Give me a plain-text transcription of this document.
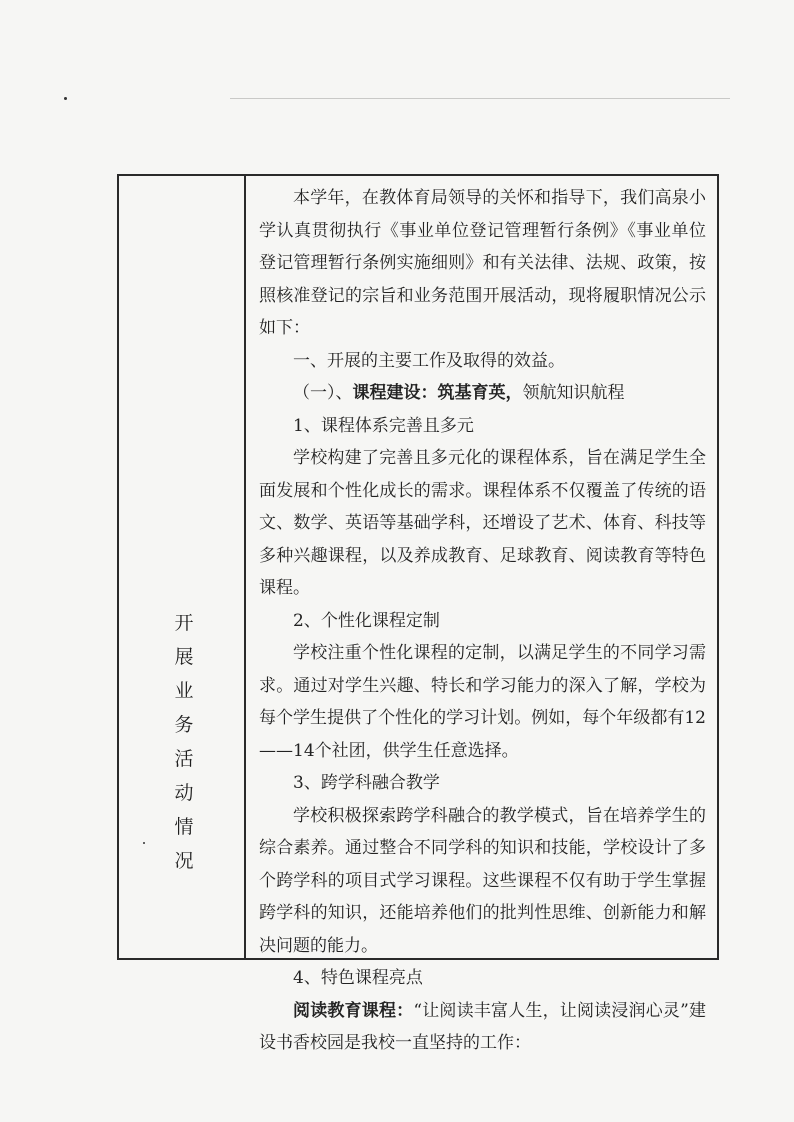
开
展
业
务
活
动
情
况

本学年，在教体育局领导的关怀和指导下，我们高泉小学认真贯彻执行《事业单位登记管理暂行条例》《事业单位登记管理暂行条例实施细则》和有关法律、法规、政策，按照核准登记的宗旨和业务范围开展活动，现将履职情况公示如下：

一、开展的主要工作及取得的效益。

（一）、课程建设：筑基育英，领航知识航程

1、课程体系完善且多元

学校构建了完善且多元化的课程体系，旨在满足学生全面发展和个性化成长的需求。课程体系不仅覆盖了传统的语文、数学、英语等基础学科，还增设了艺术、体育、科技等多种兴趣课程，以及养成教育、足球教育、阅读教育等特色课程。

2、个性化课程定制

学校注重个性化课程的定制，以满足学生的不同学习需求。通过对学生兴趣、特长和学习能力的深入了解，学校为每个学生提供了个性化的学习计划。例如，每个年级都有12——14个社团，供学生任意选择。

3、跨学科融合教学

学校积极探索跨学科融合的教学模式，旨在培养学生的综合素养。通过整合不同学科的知识和技能，学校设计了多个跨学科的项目式学习课程。这些课程不仅有助于学生掌握跨学科的知识，还能培养他们的批判性思维、创新能力和解决问题的能力。

4、特色课程亮点

阅读教育课程：“让阅读丰富人生，让阅读浸润心灵”建设书香校园是我校一直坚持的工作：
